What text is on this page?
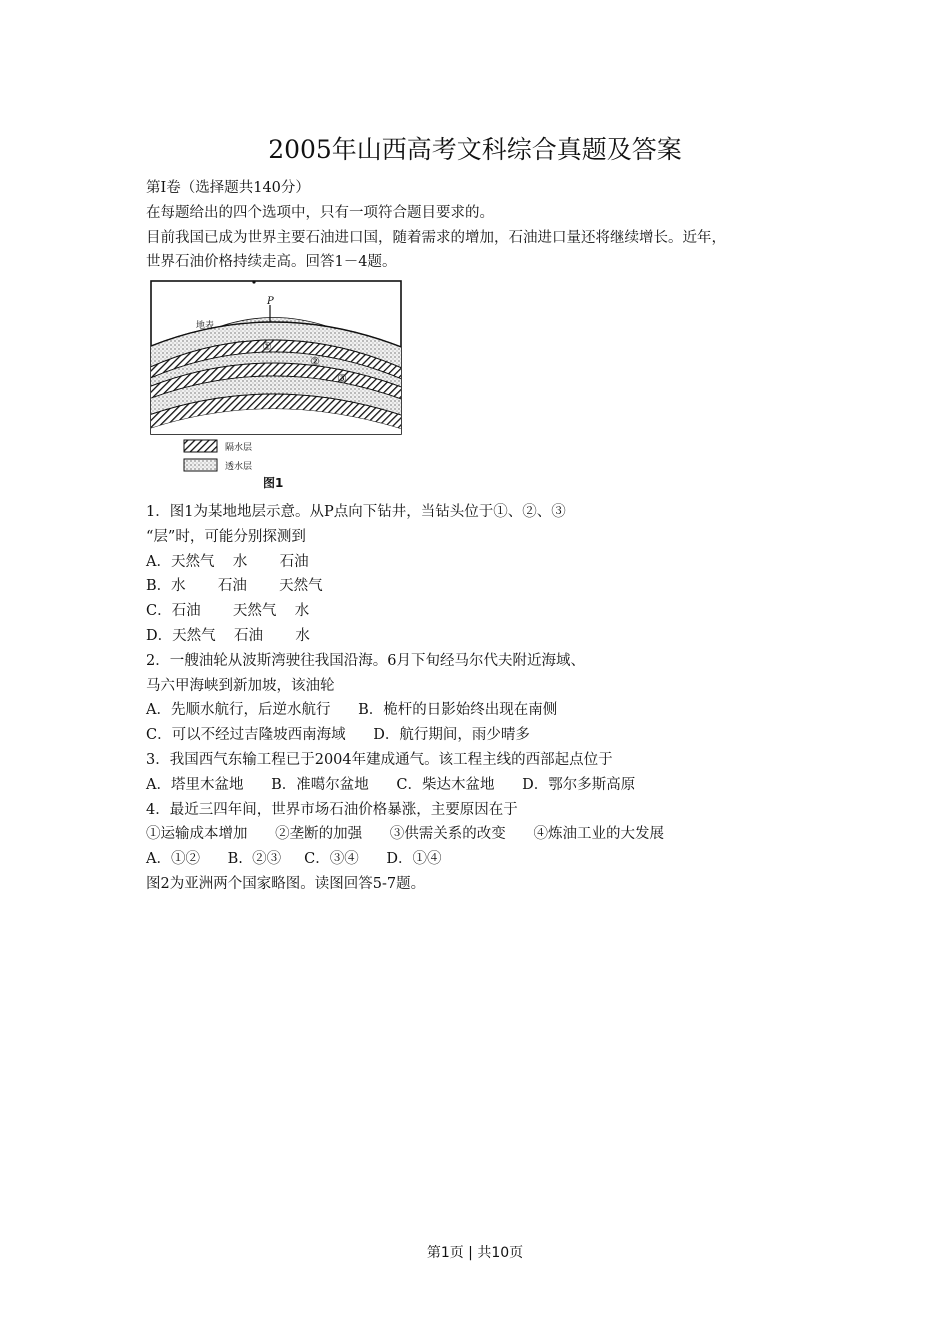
2005年山西高考文科综合真题及答案
第Ⅰ卷（选择题共140分）
在每题给出的四个选项中，只有一项符合题目要求的。
目前我国已成为世界主要石油进口国，随着需求的增加，石油进口量还将继续增长。近年，
世界石油价格持续走高。回答1－4题。
P
地表
①
②
③
隔水层
透水层
图1
1．图1为某地地层示意。从P点向下钻井，当钻头位于①、②、③
“层”时，可能分别探测到
A．天然气    水       石油
B．水       石油       天然气
C．石油       天然气    水
D．天然气    石油       水
2．一艘油轮从波斯湾驶往我国沿海。6月下旬经马尔代夫附近海域、
马六甲海峡到新加坡，该油轮
A．先顺水航行，后逆水航行      B．桅杆的日影始终出现在南侧
C．可以不经过吉隆坡西南海域      D．航行期间，雨少晴多
3．我国西气东输工程已于2004年建成通气。该工程主线的西部起点位于
A．塔里木盆地      B．准噶尔盆地      C．柴达木盆地      D．鄂尔多斯高原
4．最近三四年间，世界市场石油价格暴涨，主要原因在于
①运输成本增加      ②垄断的加强      ③供需关系的改变      ④炼油工业的大发展
A．①②      B.  ②③     C．③④      D．①④
图2为亚洲两个国家略图。读图回答5-7题。
第1页 | 共10页
